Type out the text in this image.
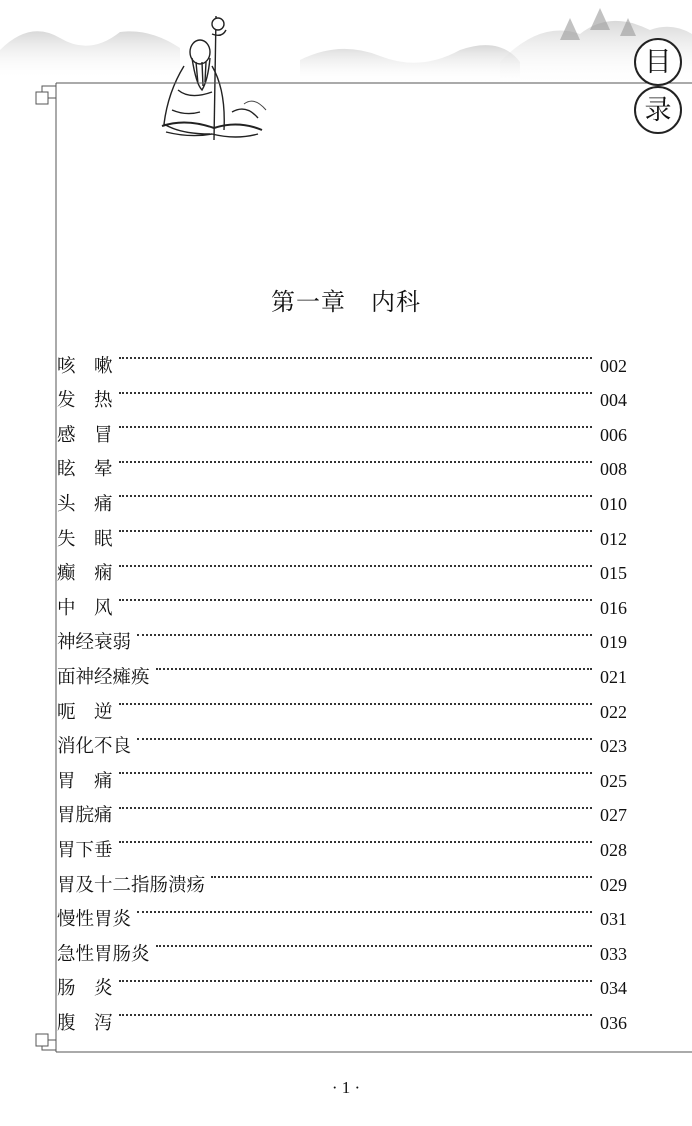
目
录
第一章　内科
咳　嗽	002
发　热	004
感　冒	006
眩　晕	008
头　痛	010
失　眠	012
癫　痫	015
中　风	016
神经衰弱	019
面神经瘫痪	021
呃　逆	022
消化不良	023
胃　痛	025
胃脘痛	027
胃下垂	028
胃及十二指肠溃疡	029
慢性胃炎	031
急性胃肠炎	033
肠　炎	034
腹　泻	036
· 1 ·
